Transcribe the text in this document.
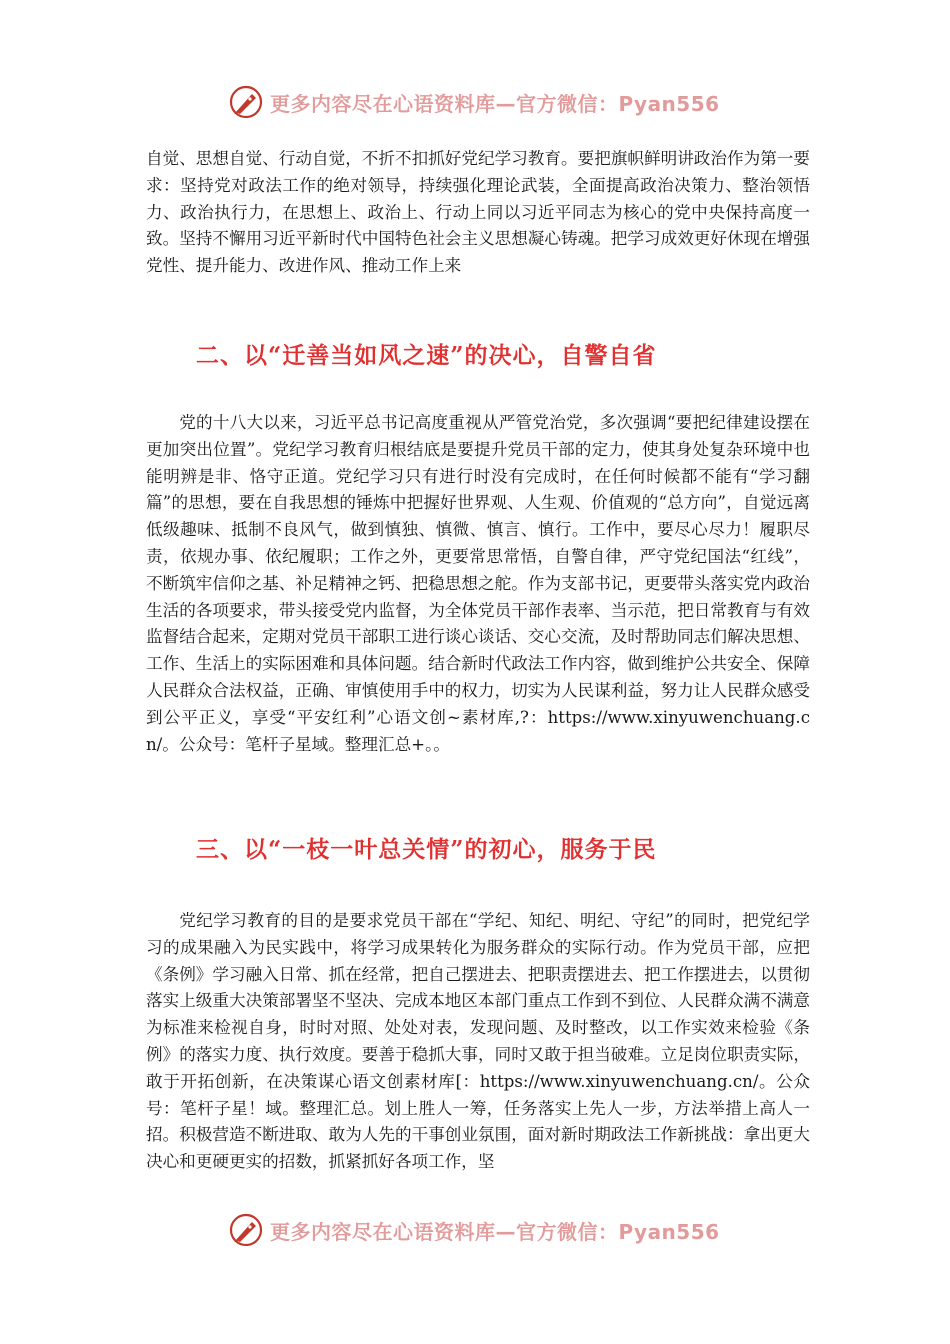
更多内容尽在心语资料库—官方微信：Pyan556

自觉、思想自觉、行动自觉，不折不扣抓好党纪学习教育。要把旗帜鲜明讲政治作为第一要求：坚持党对政法工作的绝对领导，持续强化理论武装，全面提高政治决策力、整治领悟力、政治执行力，在思想上、政治上、行动上同以习近平同志为核心的党中央保持高度一致。坚持不懈用习近平新时代中国特色社会主义思想凝心铸魂。把学习成效更好休现在增强党性、提升能力、改进作风、推动工作上来

二、以“迁善当如风之速”的决心，自警自省

党的十八大以来，习近平总书记高度重视从严管党治党，多次强调“要把纪律建设摆在更加突出位置”。党纪学习教育归根结底是要提升党员干部的定力，使其身处复杂环境中也能明辨是非、恪守正道。党纪学习只有进行时没有完成时，在任何时候都不能有“学习翻篇”的思想，要在自我思想的锤炼中把握好世界观、人生观、价值观的“总方向”，自觉远离低级趣味、抵制不良风气，做到慎独、慎微、慎言、慎行。工作中，要尽心尽力！履职尽责，依规办事、依纪履职；工作之外，更要常思常悟，自警自律，严守党纪国法“红线”，不断筑牢信仰之基、补足精神之钙、把稳思想之舵。作为支部书记，更要带头落实党内政治生活的各项要求，带头接受党内监督，为全体党员干部作表率、当示范，把日常教育与有效监督结合起来，定期对党员干部职工进行谈心谈话、交心交流，及时帮助同志们解决思想、工作、生活上的实际困难和具体问题。结合新时代政法工作内容，做到维护公共安全、保障人民群众合法权益，正确、审慎使用手中的权力，切实为人民谋利益，努力让人民群众感受到公平正义，享受“平安红利”心语文创~素材库,?：https://www.xinyuwenchuang.cn/。公众号：笔杆子星域。整理汇总+。。

三、以“一枝一叶总关情”的初心，服务于民

党纪学习教育的目的是要求党员干部在“学纪、知纪、明纪、守纪”的同时，把党纪学习的成果融入为民实践中，将学习成果转化为服务群众的实际行动。作为党员干部，应把《条例》学习融入日常、抓在经常，把自己摆进去、把职责摆进去、把工作摆进去，以贯彻落实上级重大决策部署坚不坚决、完成本地区本部门重点工作到不到位、人民群众满不满意为标准来检视自身，时时对照、处处对表，发现问题、及时整改，以工作实效来检验《条例》的落实力度、执行效度。要善于稳抓大事，同时又敢于担当破难。立足岗位职责实际，敢于开拓创新，在决策谋心语文创素材库[：https://www.xinyuwenchuang.cn/。公众号：笔杆子星！域。整理汇总。划上胜人一筹，任务落实上先人一步，方法举措上高人一招。积极营造不断进取、敢为人先的干事创业氛围，面对新时期政法工作新挑战：拿出更大决心和更硬更实的招数，抓紧抓好各项工作，坚

更多内容尽在心语资料库—官方微信：Pyan556
